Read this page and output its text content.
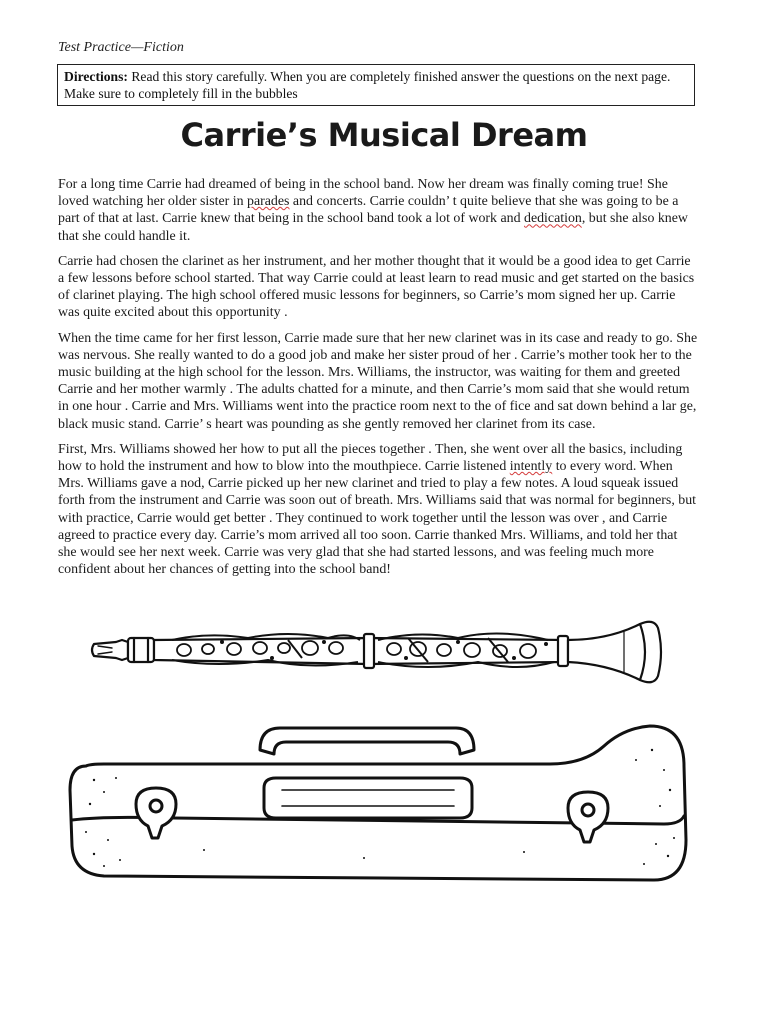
Test Practice—Fiction
Directions: Read this story carefully. When you are completely finished answer the questions on the next page. Make sure to completely fill in the bubbles
Carrie’s Musical Dream

For a long time Carrie had dreamed of being in the school band. Now her dream was finally coming true! She loved watching her older sister in parades and concerts. Carrie couldn’ t quite believe that she was going to be a part of that at last. Carrie knew that being in the school band took a lot of work and dedication, but she also knew that she could handle it.

Carrie had chosen the clarinet as her instrument, and her mother thought that it would be a good idea to get Carrie a few lessons before school started. That way Carrie could at least learn to read music and get started on the basics of clarinet playing. The high school offered music lessons for beginners, so Carrie’s mom signed her up. Carrie was quite excited about this opportunity .

When the time came for her first lesson, Carrie made sure that her new clarinet was in its case and ready to go. She was nervous. She really wanted to do a good job and make her sister proud of her . Carrie’s mother took her to the music building at the high school for the lesson. Mrs. Williams, the instructor, was waiting for them and greeted Carrie and her mother warmly . The adults chatted for a minute, and then Carrie’s mom said that she would retum in one hour . Carrie and Mrs. Williams went into the practice room next to the of fice and sat down behind a lar ge, black music stand. Carrie’ s heart was pounding as she gently removed her clarinet from its case.

First, Mrs. Williams showed her how to put all the pieces together . Then, she went over all the basics, including how to hold the instrument and how to blow into the mouthpiece. Carrie listened intently to every word. When Mrs. Williams gave a nod, Carrie picked up her new clarinet and tried to play a few notes. A loud squeak issued forth from the instrument and Carrie was soon out of breath. Mrs. Williams said that was normal for beginners, but with practice, Carrie would get better . They continued to work together until the lesson was over , and Carrie agreed to practice every day. Carrie’s mom arrived all too soon. Carrie thanked Mrs. Williams, and told her that she would see her next week. Carrie was very glad that she had started lessons, and was feeling much more confident about her chances of getting into the school band!
